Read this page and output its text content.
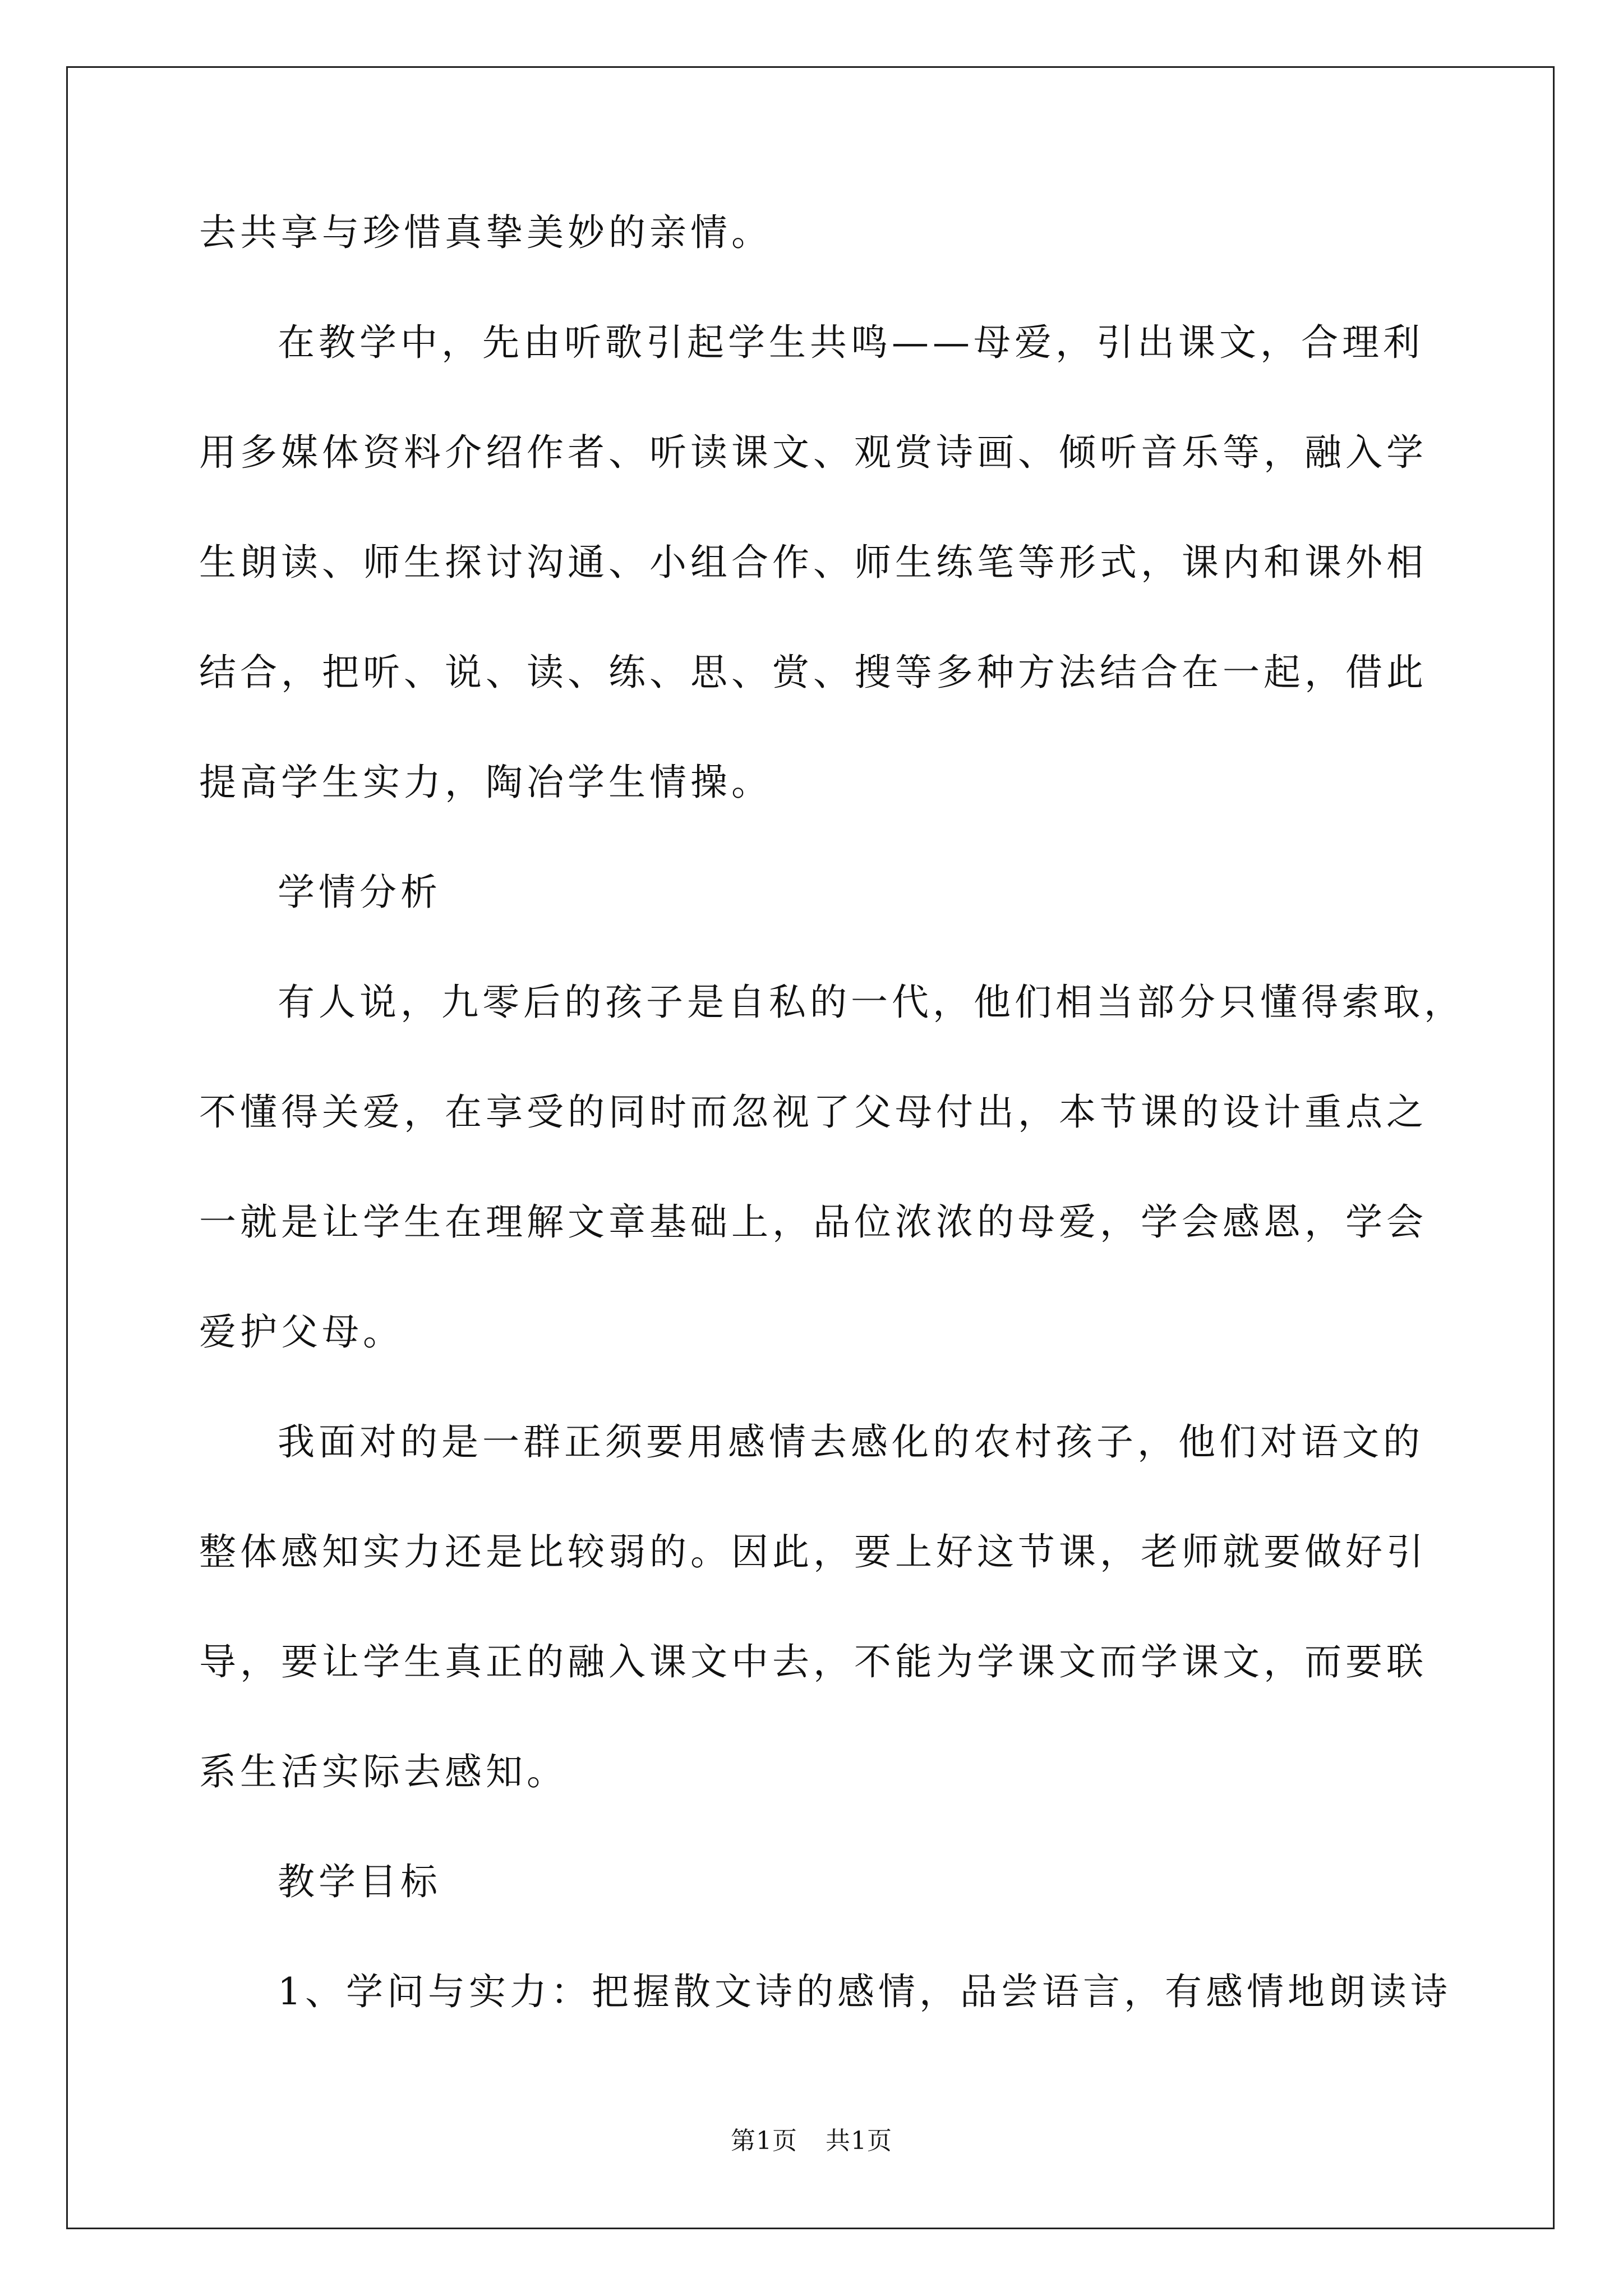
去共享与珍惜真挚美妙的亲情。
在教学中，先由听歌引起学生共鸣——母爱，引出课文，合理利
用多媒体资料介绍作者、听读课文、观赏诗画、倾听音乐等，融入学
生朗读、师生探讨沟通、小组合作、师生练笔等形式，课内和课外相
结合，把听、说、读、练、思、赏、搜等多种方法结合在一起，借此
提高学生实力，陶冶学生情操。
学情分析
有人说，九零后的孩子是自私的一代，他们相当部分只懂得索取，
不懂得关爱，在享受的同时而忽视了父母付出，本节课的设计重点之
一就是让学生在理解文章基础上，品位浓浓的母爱，学会感恩，学会
爱护父母。
我面对的是一群正须要用感情去感化的农村孩子，他们对语文的
整体感知实力还是比较弱的。因此，要上好这节课，老师就要做好引
导，要让学生真正的融入课文中去，不能为学课文而学课文，而要联
系生活实际去感知。
教学目标
1、学问与实力：把握散文诗的感情，品尝语言，有感情地朗读诗
第1页 共1页
